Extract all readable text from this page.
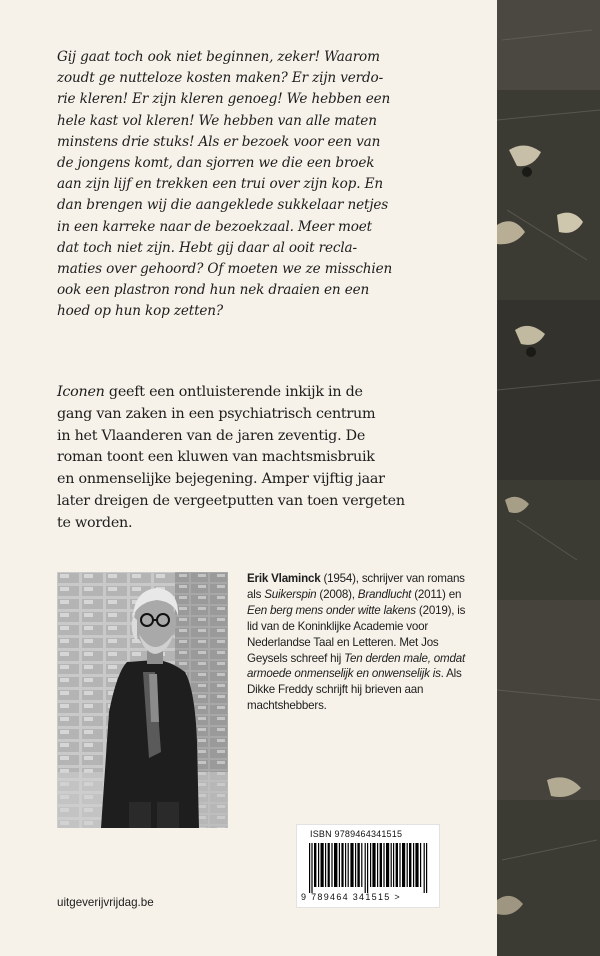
Gij gaat toch ook niet beginnen, zeker! Waarom
zoudt ge nutteloze kosten maken? Er zijn verdo-
rie kleren! Er zijn kleren genoeg! We hebben een
hele kast vol kleren! We hebben van alle maten
minstens drie stuks! Als er bezoek voor een van
de jongens komt, dan sjorren we die een broek
aan zijn lijf en trekken een trui over zijn kop. En
dan brengen wij die aangeklede sukkelaar netjes
in een karreke naar de bezoekzaal. Meer moet
dat toch niet zijn. Hebt gij daar al ooit recla-
maties over gehoord? Of moeten we ze misschien
ook een plastron rond hun nek draaien en een
hoed op hun kop zetten?

Iconen geeft een ontluisterende inkijk in de
gang van zaken in een psychiatrisch centrum
in het Vlaanderen van de jaren zeventig. De
roman toont een kluwen van machtsmisbruik
en onmenselijke bejegening. Amper vijftig jaar
later dreigen de vergeetputten van toen vergeten
te worden.

Erik Vlaminck (1954), schrijver van romans als Suikerspin (2008), Brandlucht (2011) en Een berg mens onder witte lakens (2019), is lid van de Koninklijke Academie voor Nederlandse Taal en Letteren. Met Jos Geysels schreef hij Ten derden male, omdat armoede onmenselijk en onwenselijk is. Als Dikke Freddy schrijft hij brieven aan machtshebbers.

ISBN 9789464341515
9 789464 341515 >
uitgeverijvrijdag.be
